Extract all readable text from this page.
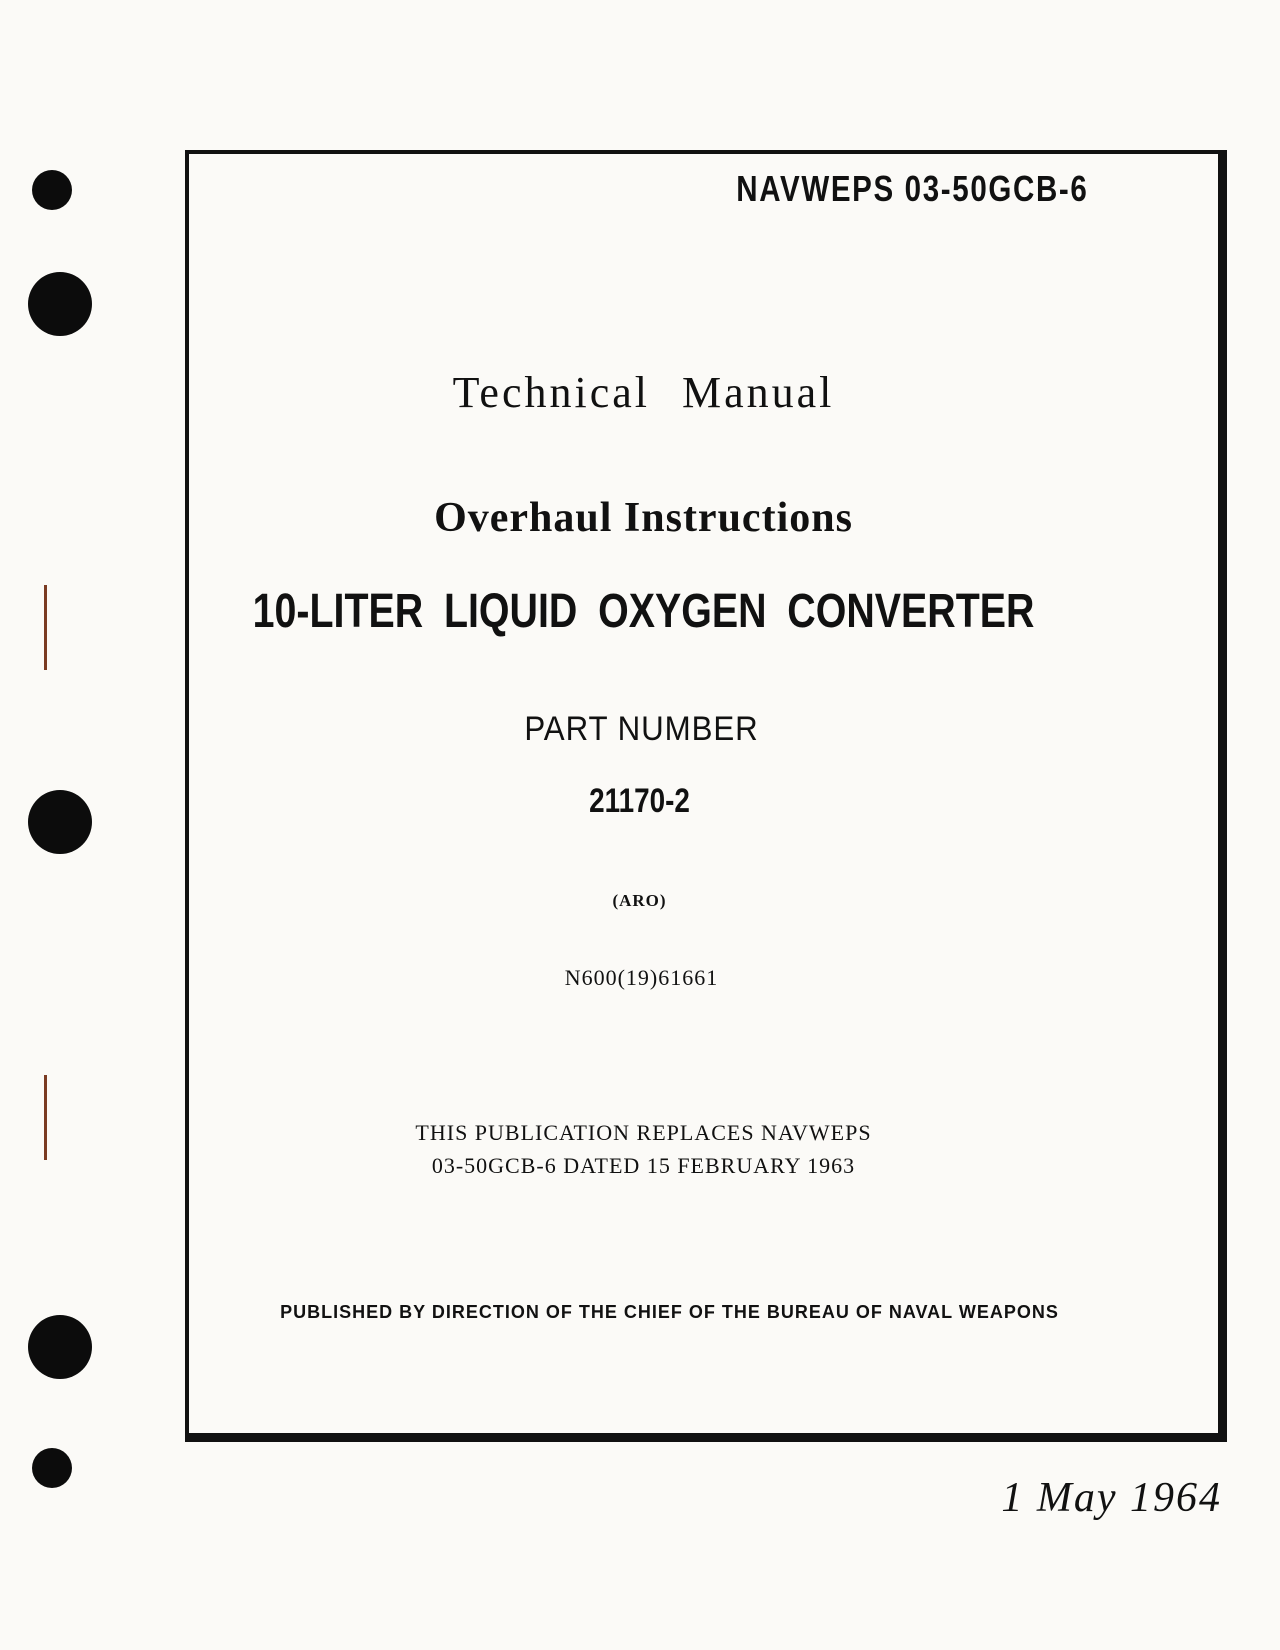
NAVWEPS 03-50GCB-6
Technical Manual
Overhaul Instructions
10-LITER LIQUID OXYGEN CONVERTER
PART NUMBER
21170-2
(ARO)
N600(19)61661
THIS PUBLICATION REPLACES NAVWEPS
03-50GCB-6 DATED 15 FEBRUARY 1963
PUBLISHED BY DIRECTION OF THE CHIEF OF THE BUREAU OF NAVAL WEAPONS
1 May 1964
